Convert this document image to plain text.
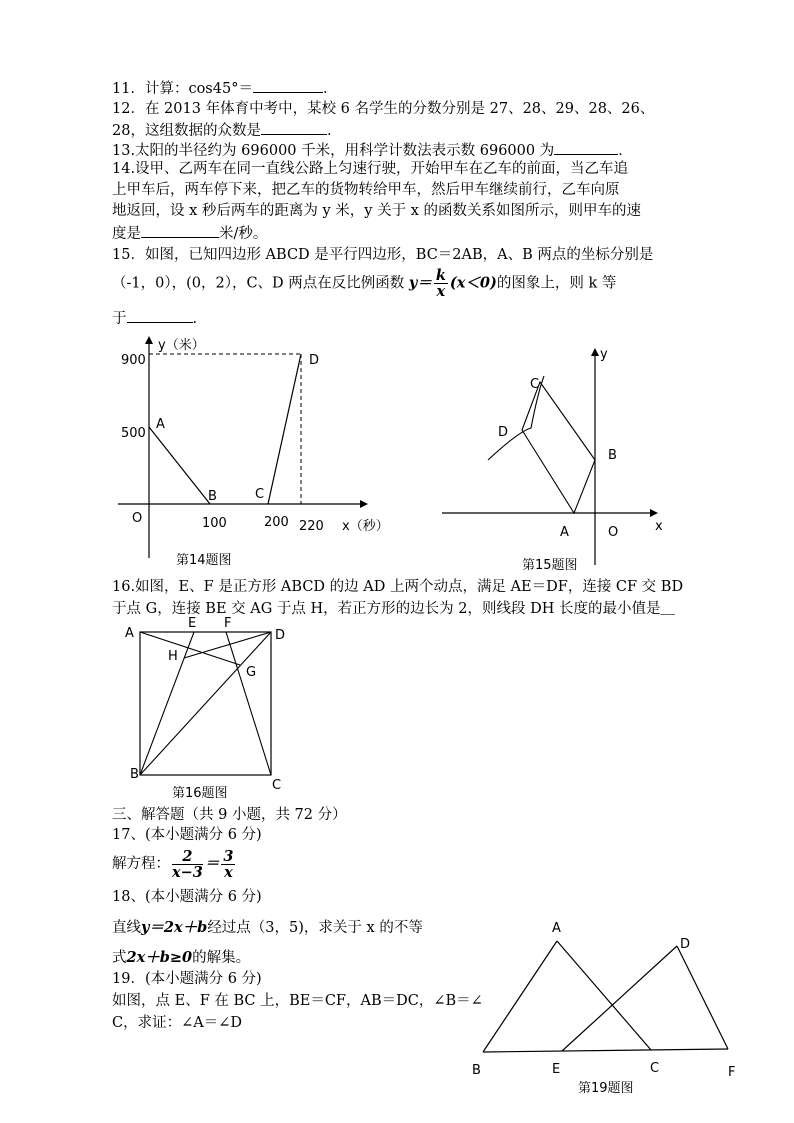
11．计算：cos45°＝	．
12．在 2013 年体育中考中，某校 6 名学生的分数分别是 27、28、29、28、26、
28，这组数据的众数是	．
13.太阳的半径约为 696000 千米，用科学计数法表示数 696000 为	．
14.设甲、乙两车在同一直线公路上匀速行驶，开始甲车在乙车的前面，当乙车追
上甲车后，两车停下来，把乙车的货物转给甲车，然后甲车继续前行，乙车向原
地返回，设 x 秒后两车的距离为 y 米，y 关于 x 的函数关系如图所示，则甲车的速
度是	米/秒。
15．如图，已知四边形 ABCD 是平行四边形，BC＝2AB，A、B 两点的坐标分别是
（-1，0），(0，2），C、D 两点在反比例函数 $y= \frac{k}{x} (x<0)$的图象上，则 k 等
于	.
y（米）
x（秒）
900
500
100	200 220
O
A
B	C
D
第14题图
y
x
O
A
B
C
D
第15题图
16.如图，E、F 是正方形 ABCD 的边 AD 上两个动点，满足 AE＝DF，连接 CF 交 BD
于点 G，连接 BE 交 AG 于点 H，若正方形的边长为 2，则线段 DH 长度的最小值是＿
A
E F
D
H
G
B
C
第16题图
三、解答题（共 9 小题，共 72 分）
17、(本小题满分 6 分)
解方程： $\frac{2}{x-3} = \frac{3}{x}$
18、(本小题满分 6 分)
直线y＝2x＋b经过点（3，5)，求关于 x 的不等
式2x＋b≥0的解集。
19．(本小题满分 6 分)
如图，点 E、F 在 BC 上，BE＝CF，AB＝DC，∠B＝∠
C，求证：∠A＝∠D
A
D
B	E	C	F
第19题图
